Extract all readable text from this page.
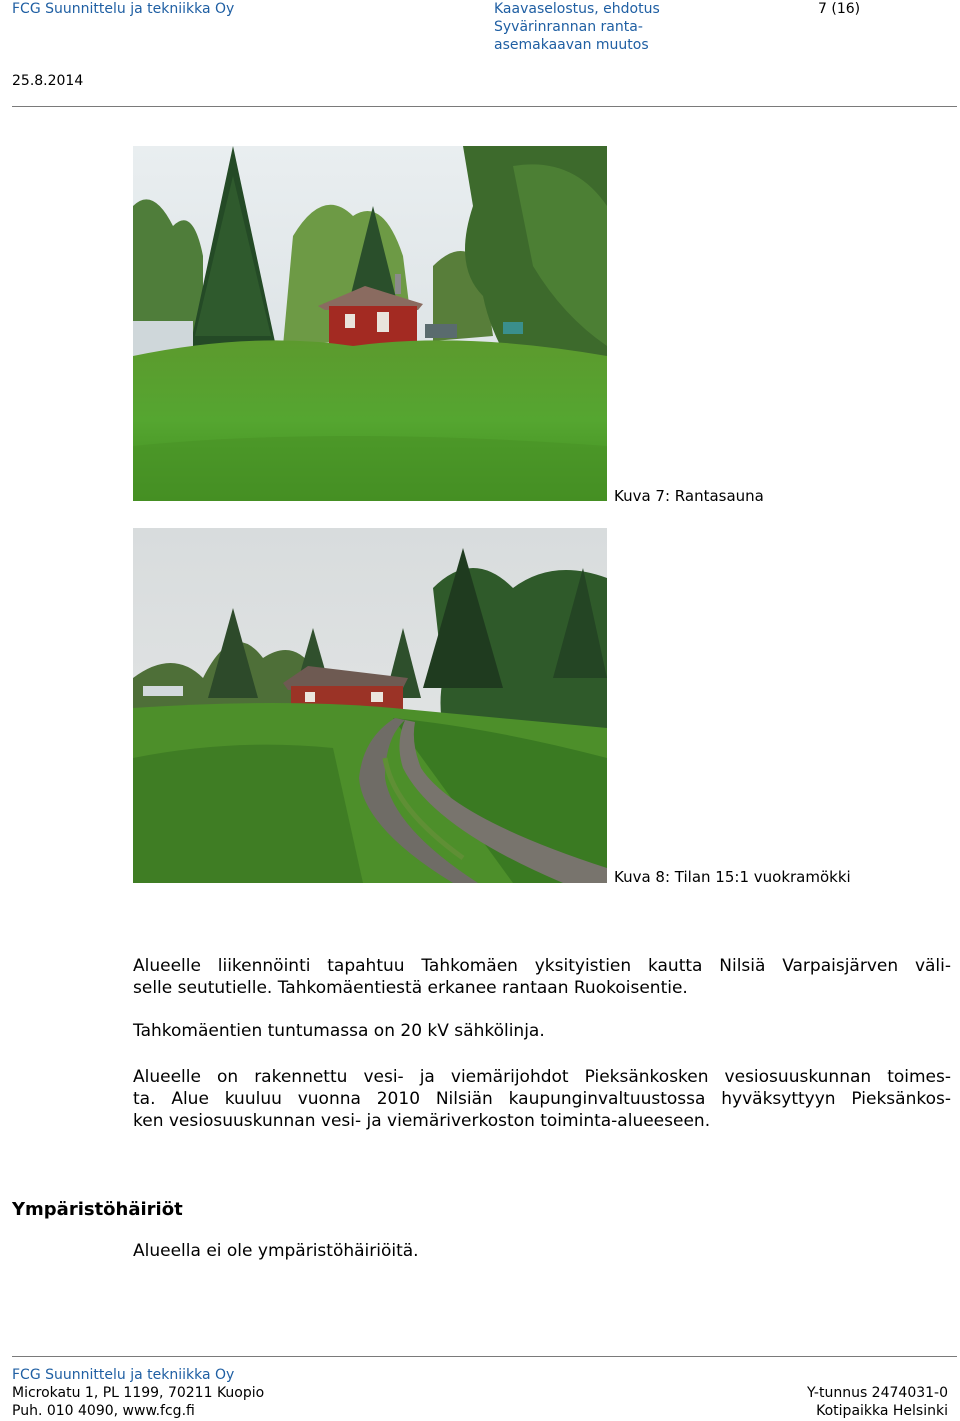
FCG Suunnittelu ja tekniikka Oy	Kaavaselostus, ehdotus
Syvärinrannan ranta-
asemakaavan muutos
7 (16)
25.8.2014
Kuva 7: Rantasauna
Kuva 8: Tilan 15:1 vuokramökki
Alueelle liikennöinti tapahtuu Tahkomäen yksityistien kautta Nilsiä Varpaisjärven väli-
selle seututielle. Tahkomäentiestä erkanee rantaan Ruokoisentie.
Tahkomäentien tuntumassa on 20 kV sähkölinja.
Alueelle on rakennettu vesi- ja viemärijohdot Pieksänkosken vesiosuuskunnan toimes-
ta. Alue kuuluu vuonna 2010 Nilsiän kaupunginvaltuustossa hyväksyttyyn Pieksänkos-
ken vesiosuuskunnan vesi- ja viemäriverkoston toiminta-alueeseen.
Ympäristöhäiriöt
Alueella ei ole ympäristöhäiriöitä.
FCG Suunnittelu ja tekniikka Oy
Microkatu 1, PL 1199, 70211 Kuopio
Puh. 010 4090, www.fcg.fi
Y-tunnus 2474031-0
Kotipaikka Helsinki
